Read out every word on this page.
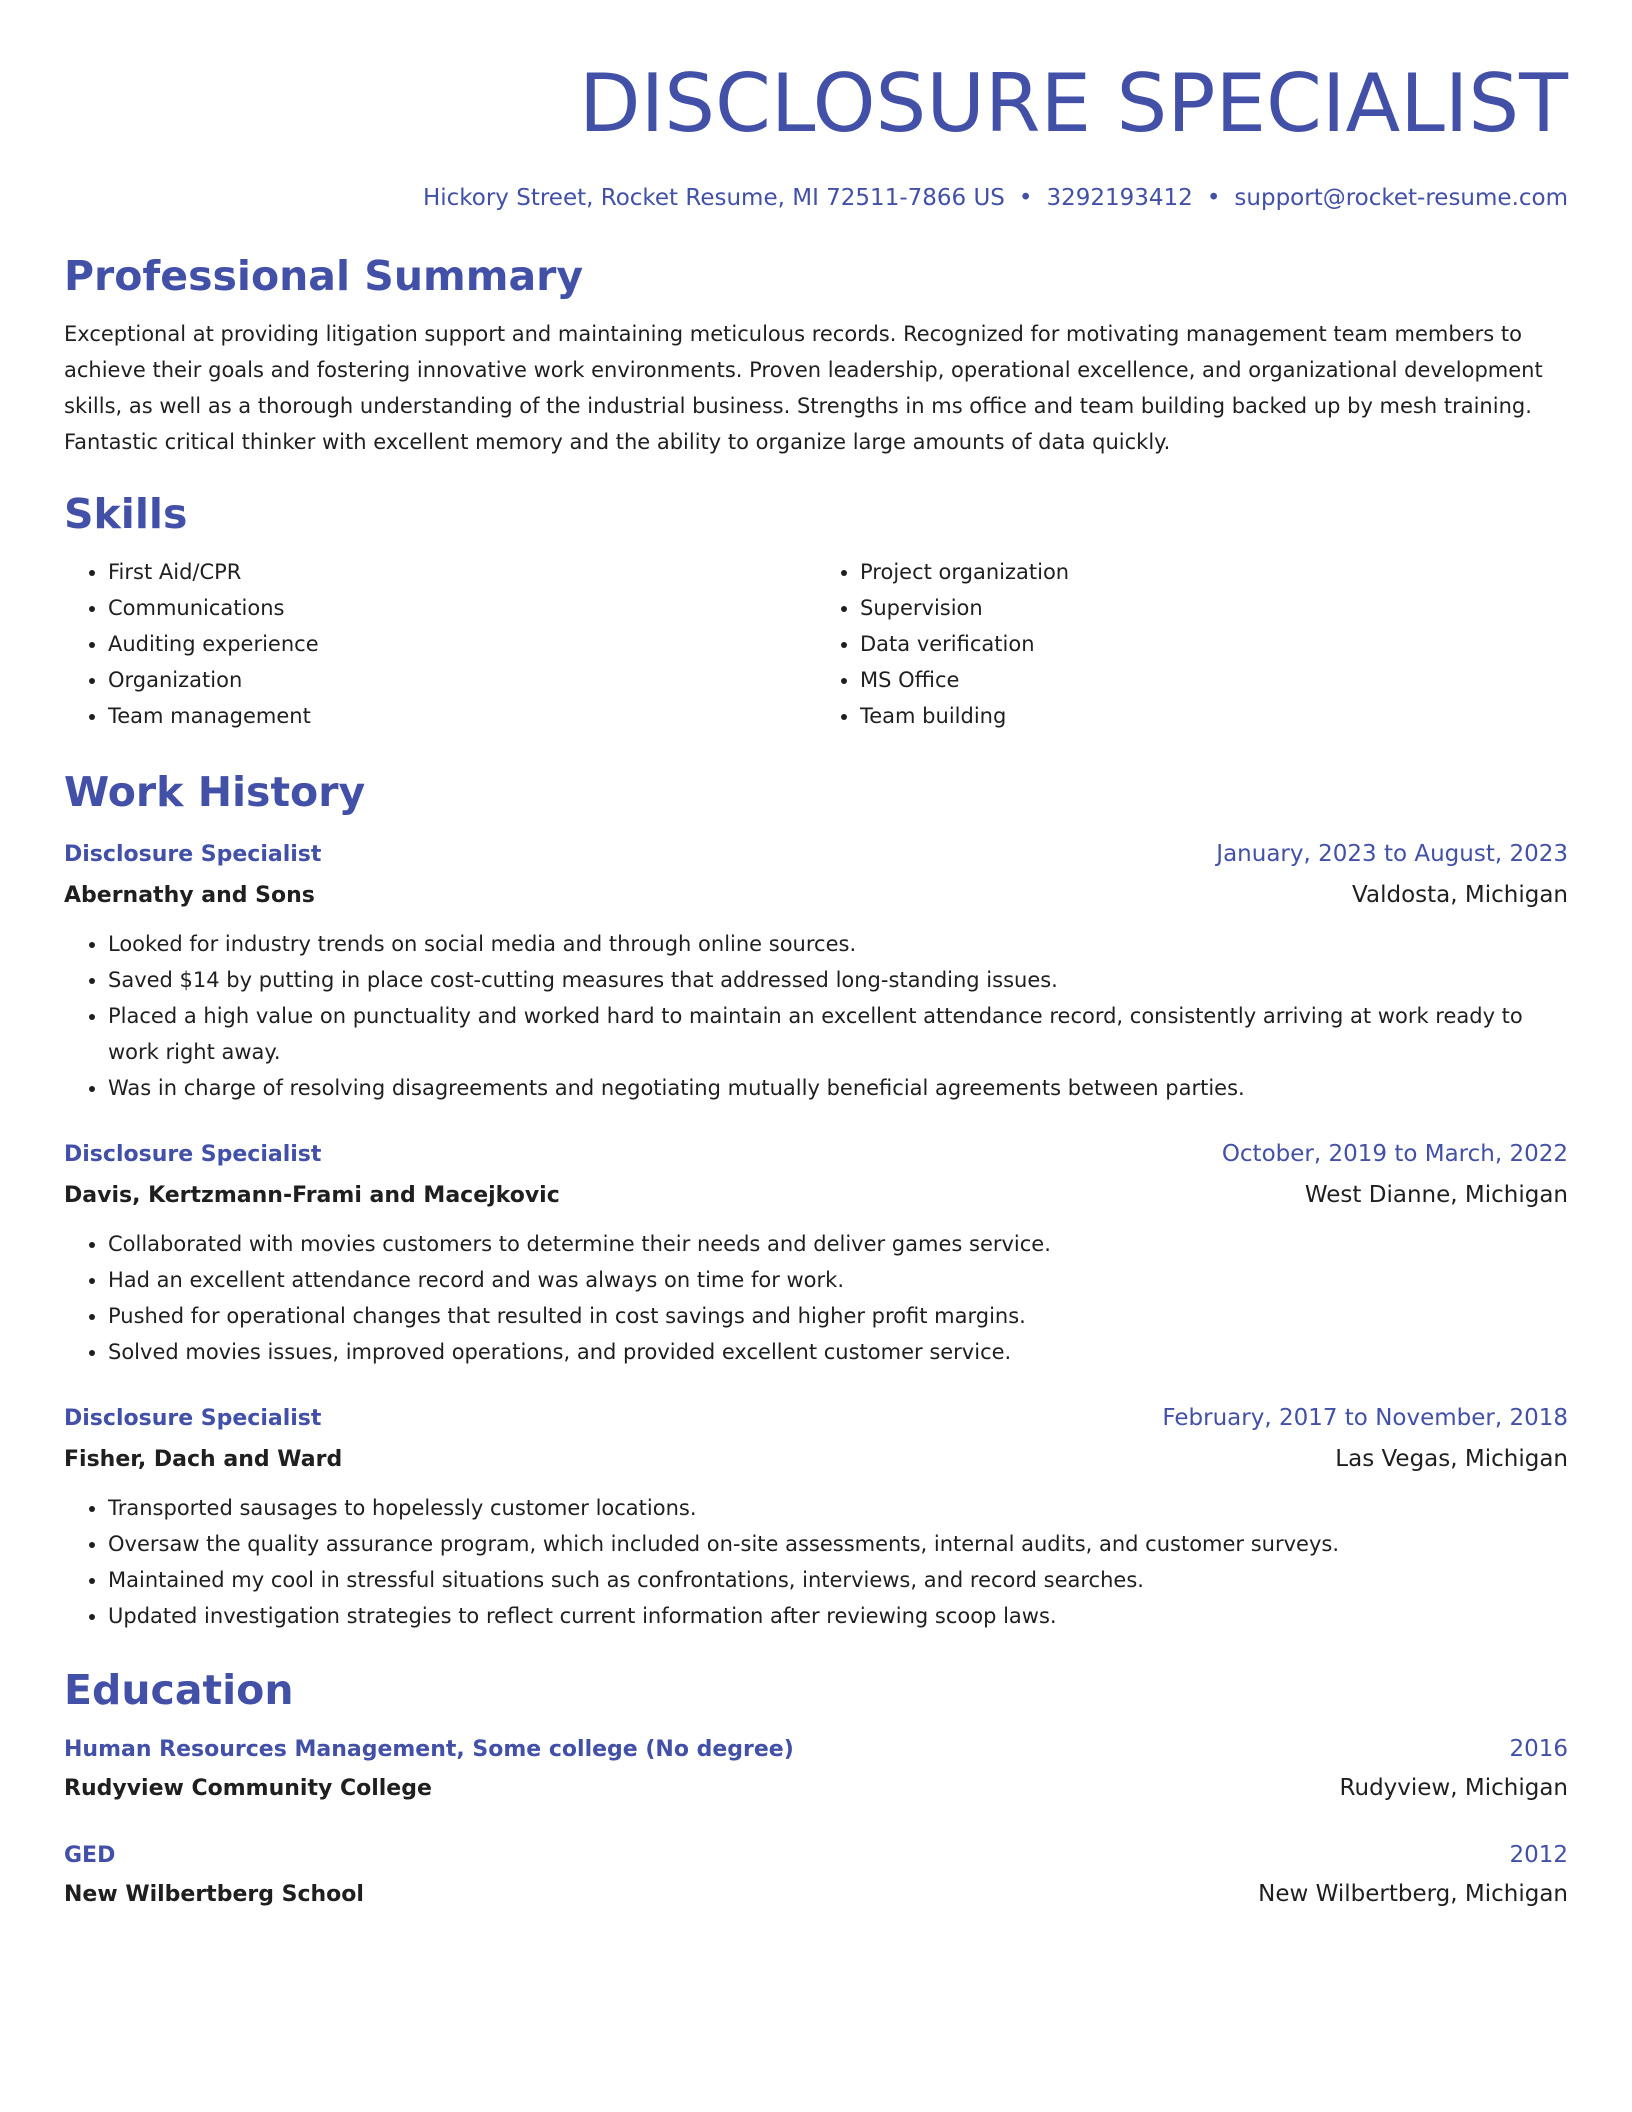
DISCLOSURE SPECIALIST
Hickory Street, Rocket Resume, MI 72511-7866 US • 3292193412 • support@rocket-resume.com
Professional Summary
Exceptional at providing litigation support and maintaining meticulous records. Recognized for motivating management team members to achieve their goals and fostering innovative work environments. Proven leadership, operational excellence, and organizational development skills, as well as a thorough understanding of the industrial business. Strengths in ms office and team building backed up by mesh training. Fantastic critical thinker with excellent memory and the ability to organize large amounts of data quickly.
Skills
• First Aid/CPR
• Communications
• Auditing experience
• Organization
• Team management
• Project organization
• Supervision
• Data verification
• MS Office
• Team building
Work History
Disclosure Specialist	January, 2023 to August, 2023
Abernathy and Sons	Valdosta, Michigan
• Looked for industry trends on social media and through online sources.
• Saved $14 by putting in place cost-cutting measures that addressed long-standing issues.
• Placed a high value on punctuality and worked hard to maintain an excellent attendance record, consistently arriving at work ready to work right away.
• Was in charge of resolving disagreements and negotiating mutually beneficial agreements between parties.
Disclosure Specialist	October, 2019 to March, 2022
Davis, Kertzmann-Frami and Macejkovic	West Dianne, Michigan
• Collaborated with movies customers to determine their needs and deliver games service.
• Had an excellent attendance record and was always on time for work.
• Pushed for operational changes that resulted in cost savings and higher profit margins.
• Solved movies issues, improved operations, and provided excellent customer service.
Disclosure Specialist	February, 2017 to November, 2018
Fisher, Dach and Ward	Las Vegas, Michigan
• Transported sausages to hopelessly customer locations.
• Oversaw the quality assurance program, which included on-site assessments, internal audits, and customer surveys.
• Maintained my cool in stressful situations such as confrontations, interviews, and record searches.
• Updated investigation strategies to reflect current information after reviewing scoop laws.
Education
Human Resources Management, Some college (No degree)	2016
Rudyview Community College	Rudyview, Michigan
GED	2012
New Wilbertberg School	New Wilbertberg, Michigan
